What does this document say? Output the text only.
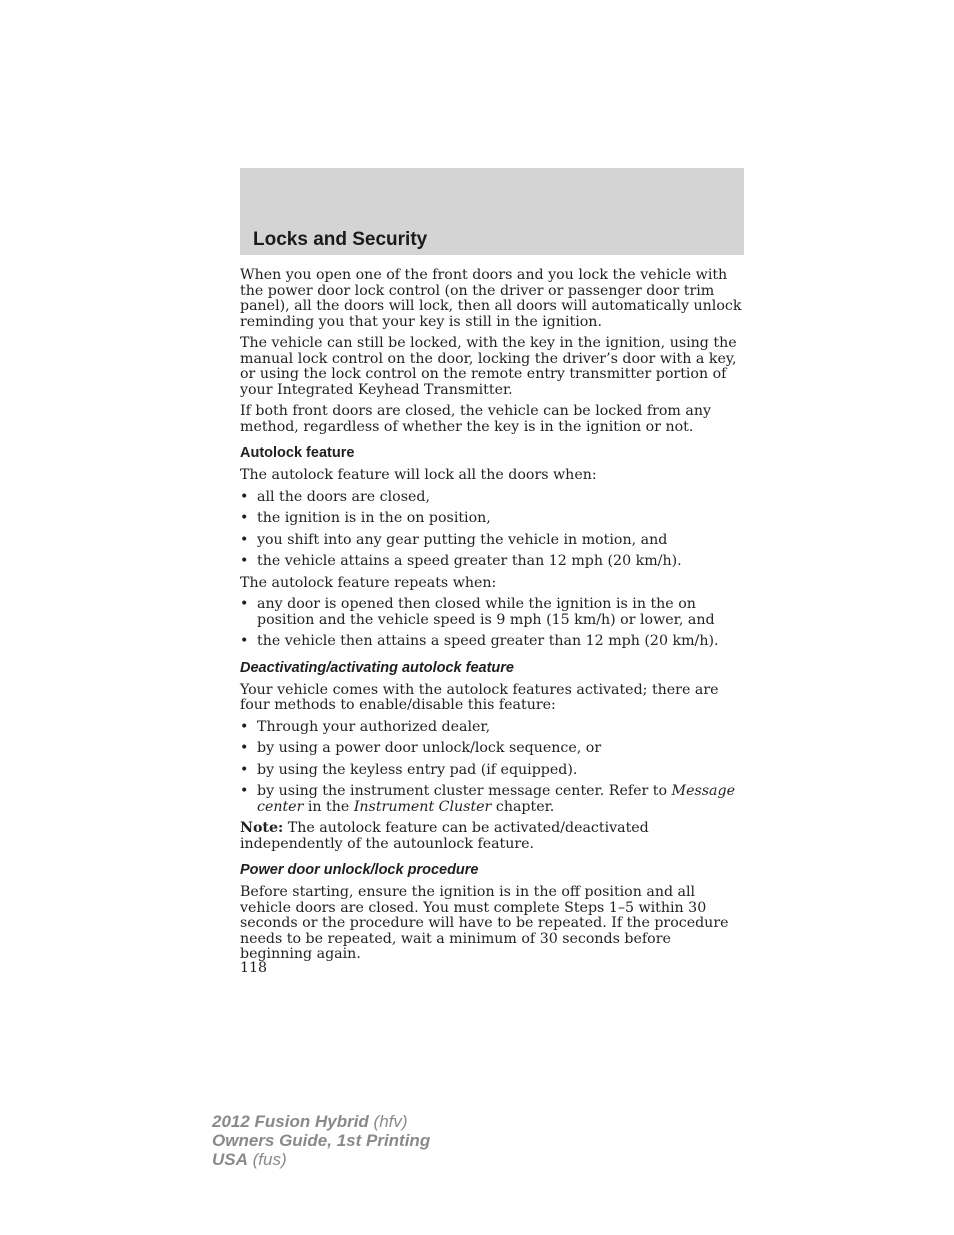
Locks and Security

When you open one of the front doors and you lock the vehicle with the power door lock control (on the driver or passenger door trim panel), all the doors will lock, then all doors will automatically unlock reminding you that your key is still in the ignition.

The vehicle can still be locked, with the key in the ignition, using the manual lock control on the door, locking the driver’s door with a key, or using the lock control on the remote entry transmitter portion of your Integrated Keyhead Transmitter.

If both front doors are closed, the vehicle can be locked from any method, regardless of whether the key is in the ignition or not.

Autolock feature

The autolock feature will lock all the doors when:

• all the doors are closed,
• the ignition is in the on position,
• you shift into any gear putting the vehicle in motion, and
• the vehicle attains a speed greater than 12 mph (20 km/h).

The autolock feature repeats when:

• any door is opened then closed while the ignition is in the on position and the vehicle speed is 9 mph (15 km/h) or lower, and
• the vehicle then attains a speed greater than 12 mph (20 km/h).
Deactivating/activating autolock feature

Your vehicle comes with the autolock features activated; there are four methods to enable/disable this feature:

• Through your authorized dealer,
• by using a power door unlock/lock sequence, or
• by using the keyless entry pad (if equipped).
• by using the instrument cluster message center. Refer to Message center in the Instrument Cluster chapter.

Note: The autolock feature can be activated/deactivated independently of the autounlock feature.

Power door unlock/lock procedure

Before starting, ensure the ignition is in the off position and all vehicle doors are closed. You must complete Steps 1–5 within 30 seconds or the procedure will have to be repeated. If the procedure needs to be repeated, wait a minimum of 30 seconds before beginning again.

118
2012 Fusion Hybrid (hfv)
Owners Guide, 1st Printing
USA (fus)
